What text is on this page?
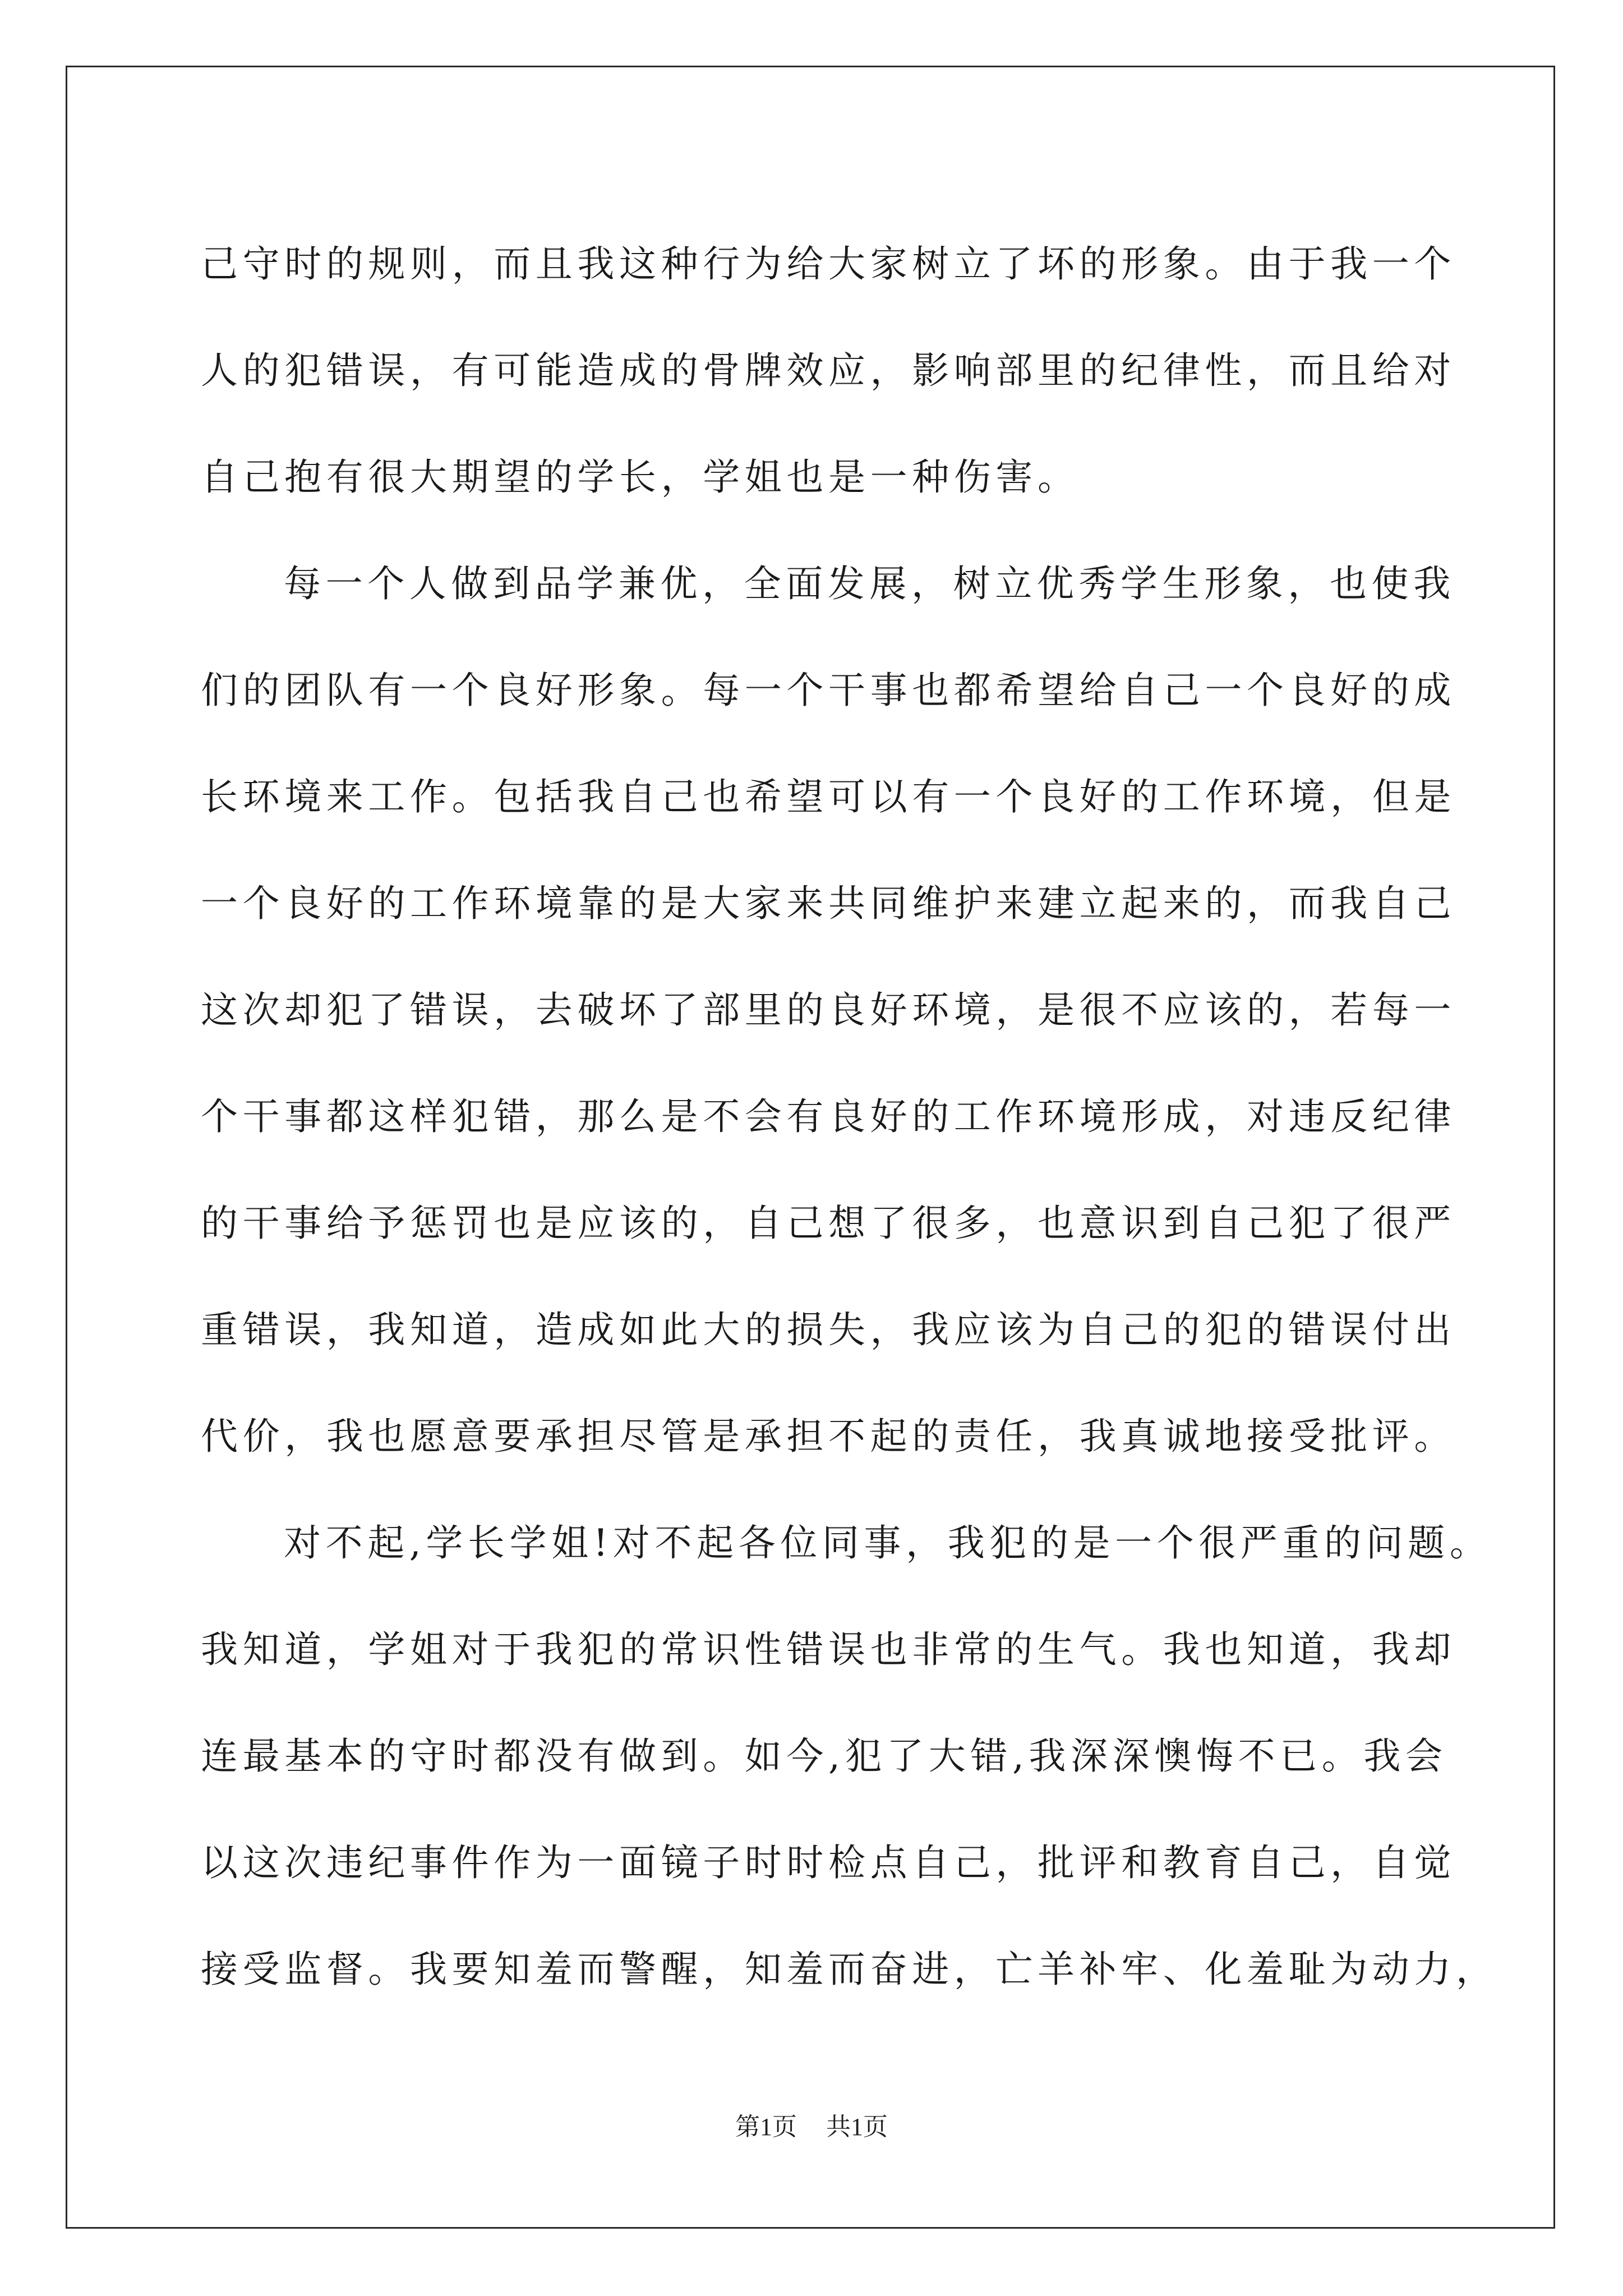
己守时的规则，而且我这种行为给大家树立了坏的形象。由于我一个
人的犯错误，有可能造成的骨牌效应，影响部里的纪律性，而且给对
自己抱有很大期望的学长，学姐也是一种伤害。
每一个人做到品学兼优，全面发展，树立优秀学生形象，也使我
们的团队有一个良好形象。每一个干事也都希望给自己一个良好的成
长环境来工作。包括我自己也希望可以有一个良好的工作环境，但是
一个良好的工作环境靠的是大家来共同维护来建立起来的，而我自己
这次却犯了错误，去破坏了部里的良好环境，是很不应该的，若每一
个干事都这样犯错，那么是不会有良好的工作环境形成，对违反纪律
的干事给予惩罚也是应该的，自己想了很多，也意识到自己犯了很严
重错误，我知道，造成如此大的损失，我应该为自己的犯的错误付出
代价，我也愿意要承担尽管是承担不起的责任，我真诚地接受批评。
对不起,学长学姐!对不起各位同事，我犯的是一个很严重的问题。
我知道，学姐对于我犯的常识性错误也非常的生气。我也知道，我却
连最基本的守时都没有做到。如今,犯了大错,我深深懊悔不已。我会
以这次违纪事件作为一面镜子时时检点自己，批评和教育自己，自觉
接受监督。我要知羞而警醒，知羞而奋进，亡羊补牢、化羞耻为动力，
第1页 共1页
